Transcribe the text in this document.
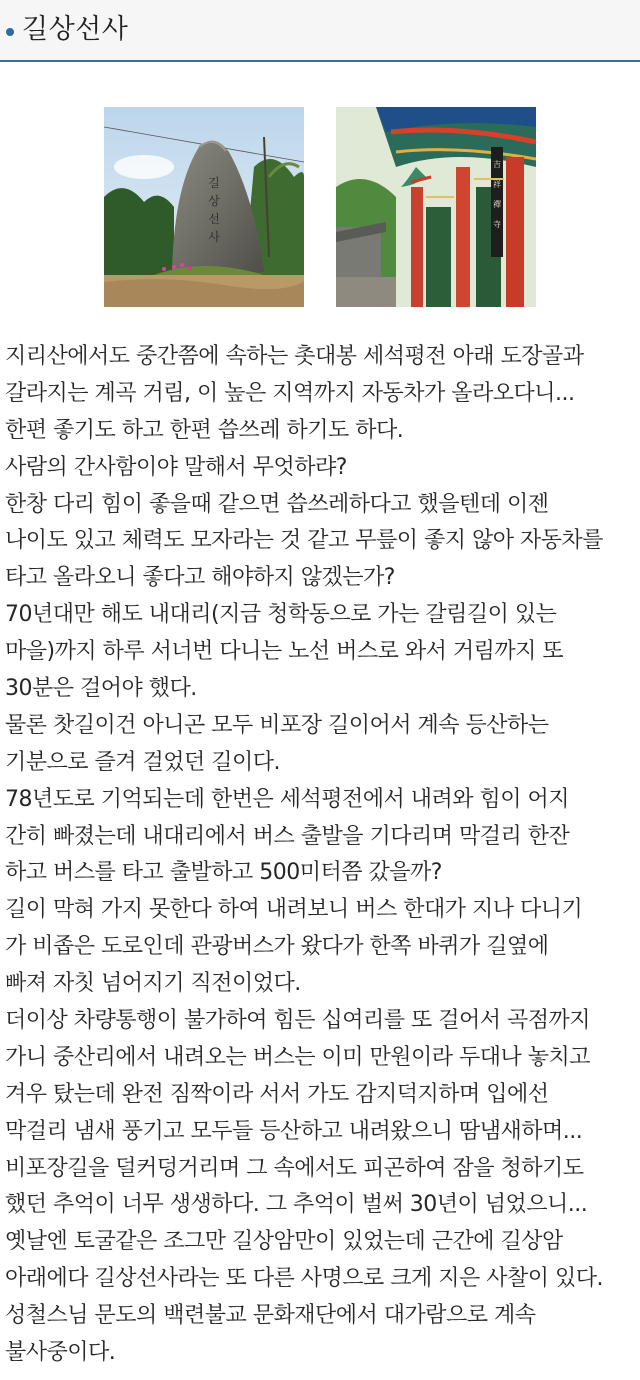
길상선사
길
상
선
사
吉
祥
禪
寺
지리산에서도 중간쯤에 속하는 촛대봉 세석평전 아래 도장골과
갈라지는 계곡 거림, 이 높은 지역까지 자동차가 올라오다니...
한편 좋기도 하고 한편 씁쓰레 하기도 하다.
사람의 간사함이야 말해서 무엇하랴?
한창 다리 힘이 좋을때 같으면 씁쓰레하다고 했을텐데 이젠
나이도 있고 체력도 모자라는 것 같고 무릎이 좋지 않아 자동차를
타고 올라오니 좋다고 해야하지 않겠는가?
70년대만 해도 내대리(지금 청학동으로 가는 갈림길이 있는
마을)까지 하루 서너번 다니는 노선 버스로 와서 거림까지 또
30분은 걸어야 했다.
물론 찻길이건 아니곤 모두 비포장 길이어서 계속 등산하는
기분으로 즐겨 걸었던 길이다.
78년도로 기억되는데 한번은 세석평전에서 내려와 힘이 어지
간히 빠졌는데 내대리에서 버스 출발을 기다리며 막걸리 한잔
하고 버스를 타고 출발하고 500미터쯤 갔을까?
길이 막혀 가지 못한다 하여 내려보니 버스 한대가 지나 다니기
가 비좁은 도로인데 관광버스가 왔다가 한쪽 바퀴가 길옆에
빠져 자칫 넘어지기 직전이었다.
더이상 차량통행이 불가하여 힘든 십여리를 또 걸어서 곡점까지
가니 중산리에서 내려오는 버스는 이미 만원이라 두대나 놓치고
겨우 탔는데 완전 짐짝이라 서서 가도 감지덕지하며 입에선
막걸리 냄새 풍기고 모두들 등산하고 내려왔으니 땀냄새하며...
비포장길을 덜커덩거리며 그 속에서도 피곤하여 잠을 청하기도
했던 추억이 너무 생생하다. 그 추억이 벌써 30년이 넘었으니...
옛날엔 토굴같은 조그만 길상암만이 있었는데 근간에 길상암
아래에다 길상선사라는 또 다른 사명으로 크게 지은 사찰이 있다.
성철스님 문도의 백련불교 문화재단에서 대가람으로 계속
불사중이다.
